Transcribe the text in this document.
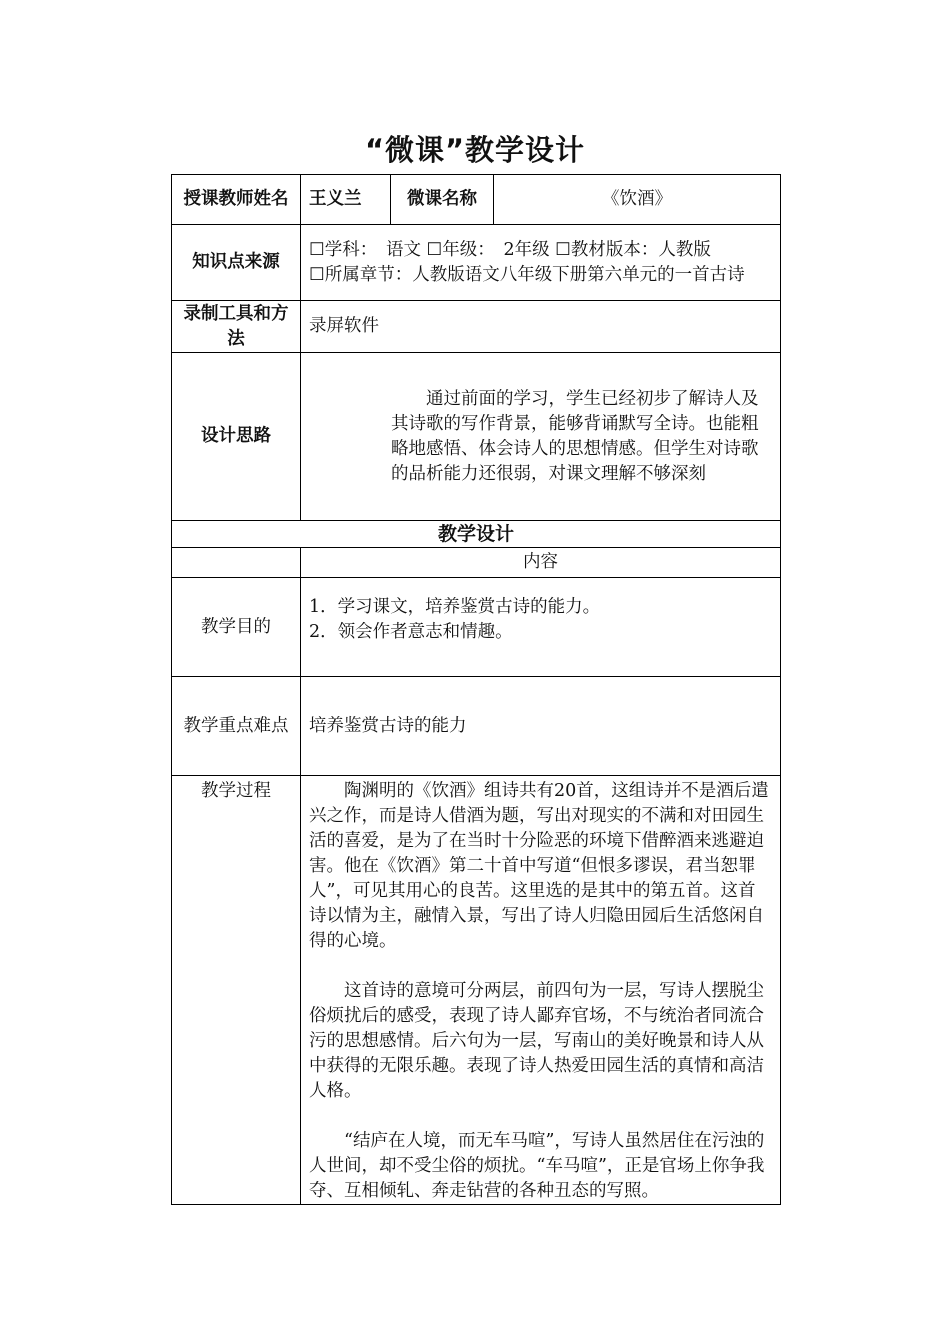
“微课”教学设计
授课教师姓名	王义兰	微课名称	《饮酒》
知识点来源	☐学科：　语文 ☐年级：　2年级 ☐教材版本：人教版
☐所属章节：人教版语文八年级下册第六单元的一首古诗		

录制工具和方法	录屏软件		
设计思路	通过前面的学习，学生已经初步了解诗人及其诗歌的写作背景，能够背诵默写全诗。也能粗略地感悟、体会诗人的思想情感。但学生对诗歌的品析能力还很弱，对课文理解不够深刻		

教学设计			
	内容		
教学目的	1．学习课文，培养鉴赏古诗的能力。
2．领会作者意志和情趣。		

教学重点难点	培养鉴赏古诗的能力		
教学过程	陶渊明的《饮酒》组诗共有20首，这组诗并不是酒后遣兴之作，而是诗人借酒为题，写出对现实的不满和对田园生活的喜爱，是为了在当时十分险恶的环境下借醉酒来逃避迫害。他在《饮酒》第二十首中写道“但恨多谬误，君当恕罪人”，可见其用心的良苦。这里选的是其中的第五首。这首诗以情为主，融情入景，写出了诗人归隐田园后生活悠闲自得的心境。

这首诗的意境可分两层，前四句为一层，写诗人摆脱尘俗烦扰后的感受，表现了诗人鄙弃官场，不与统治者同流合污的思想感情。后六句为一层，写南山的美好晚景和诗人从中获得的无限乐趣。表现了诗人热爱田园生活的真情和高洁人格。

“结庐在人境，而无车马喧”，写诗人虽然居住在污浊的人世间，却不受尘俗的烦扰。“车马喧”，正是官场上你争我夺、互相倾轧、奔走钻营的各种丑态的写照。		
